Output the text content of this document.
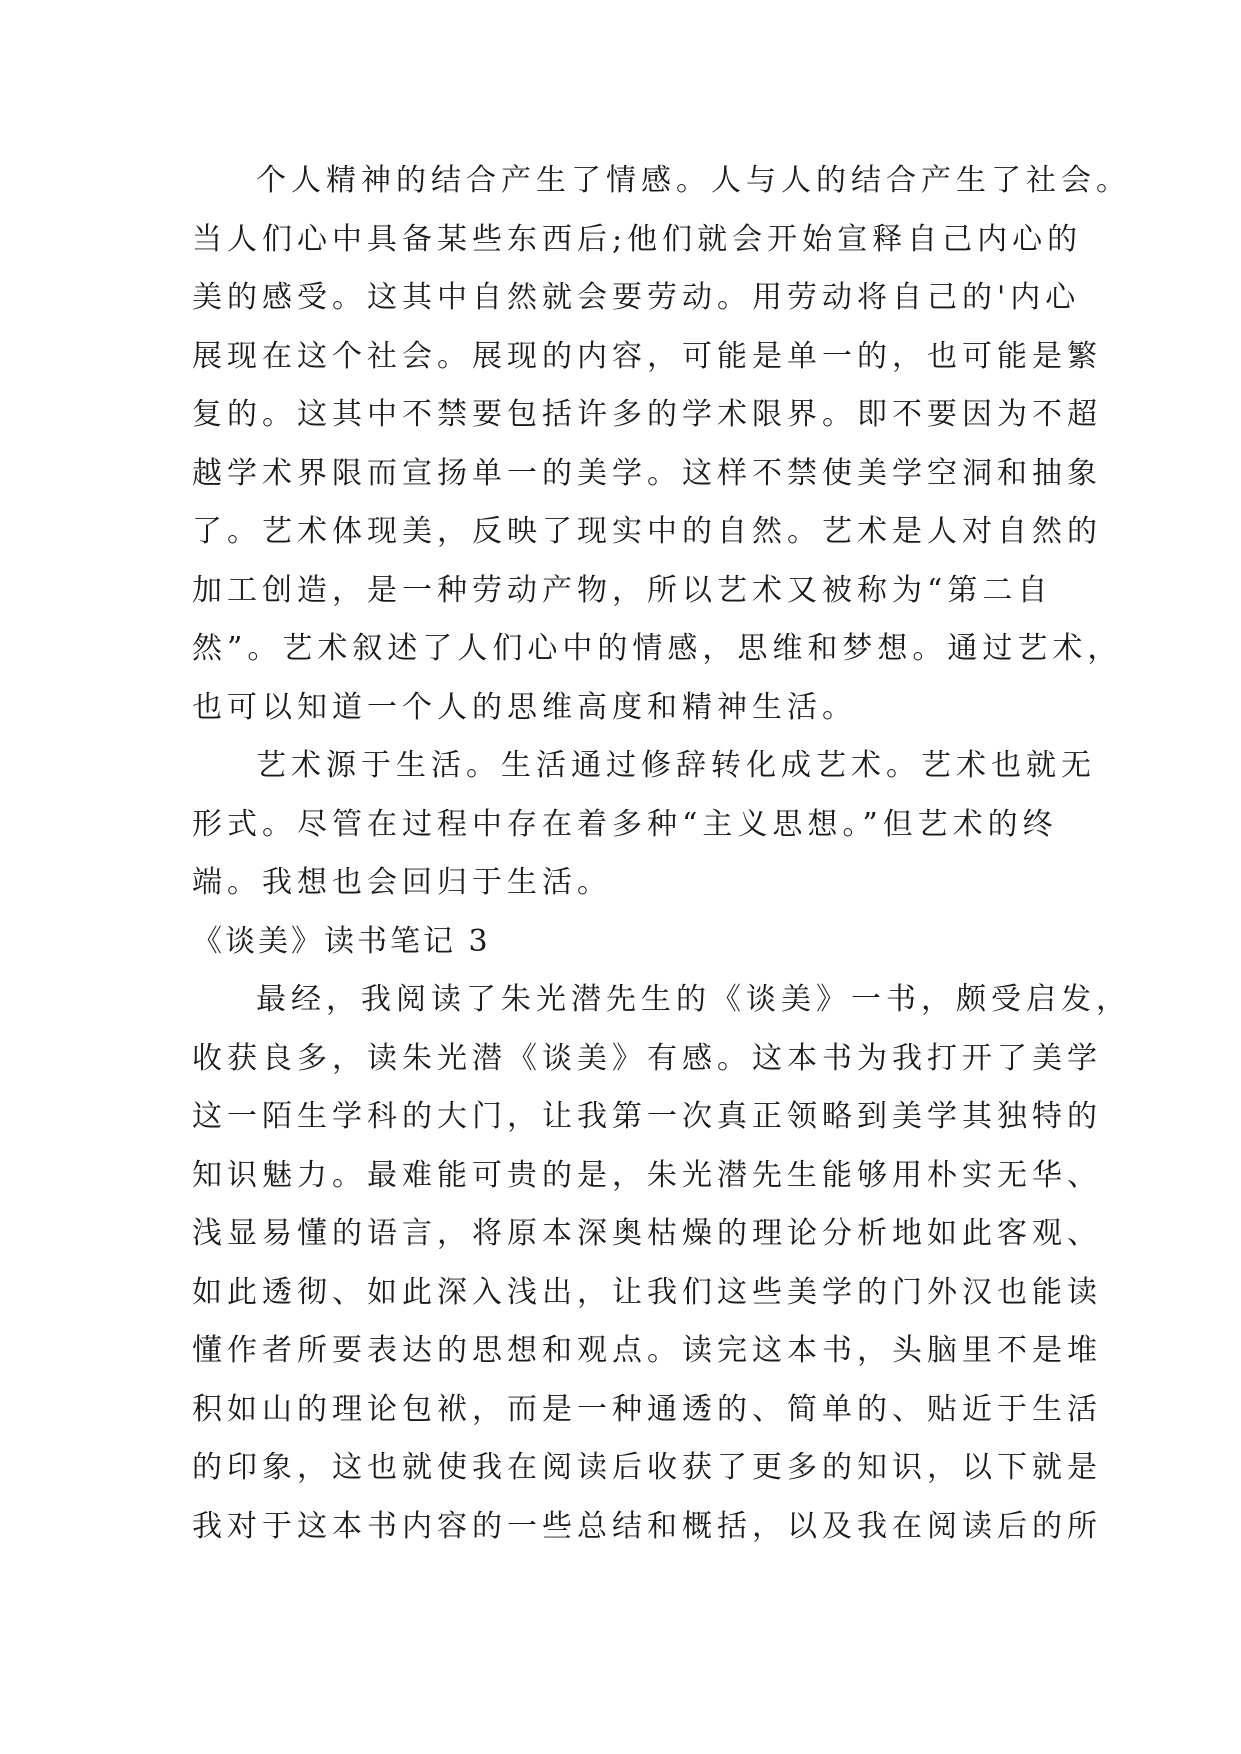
个人精神的结合产生了情感。人与人的结合产生了社会。
当人们心中具备某些东西后;他们就会开始宣释自己内心的
美的感受。这其中自然就会要劳动。用劳动将自己的'内心
展现在这个社会。展现的内容，可能是单一的，也可能是繁
复的。这其中不禁要包括许多的学术限界。即不要因为不超
越学术界限而宣扬单一的美学。这样不禁使美学空洞和抽象
了。艺术体现美，反映了现实中的自然。艺术是人对自然的
加工创造，是一种劳动产物，所以艺术又被称为“第二自
然”。艺术叙述了人们心中的情感，思维和梦想。通过艺术，
也可以知道一个人的思维高度和精神生活。
艺术源于生活。生活通过修辞转化成艺术。艺术也就无
形式。尽管在过程中存在着多种“主义思想。”但艺术的终
端。我想也会回归于生活。
《谈美》读书笔记 3
最经，我阅读了朱光潜先生的《谈美》一书，颇受启发，
收获良多，读朱光潜《谈美》有感。这本书为我打开了美学
这一陌生学科的大门，让我第一次真正领略到美学其独特的
知识魅力。最难能可贵的是，朱光潜先生能够用朴实无华、
浅显易懂的语言，将原本深奥枯燥的理论分析地如此客观、
如此透彻、如此深入浅出，让我们这些美学的门外汉也能读
懂作者所要表达的思想和观点。读完这本书，头脑里不是堆
积如山的理论包袱，而是一种通透的、简单的、贴近于生活
的印象，这也就使我在阅读后收获了更多的知识，以下就是
我对于这本书内容的一些总结和概括，以及我在阅读后的所
